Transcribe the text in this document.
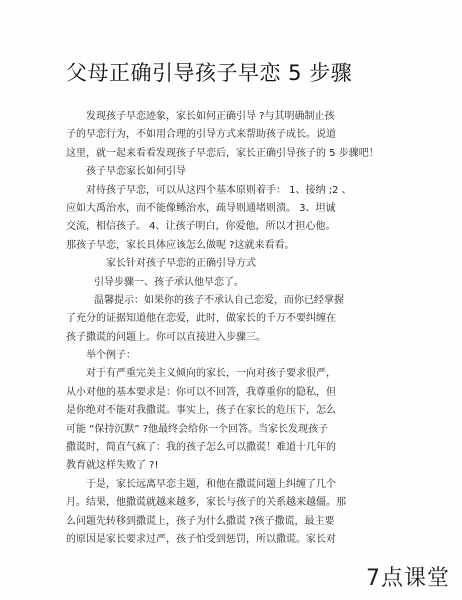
父母正确引导孩子早恋 5 步骤
发现孩子早恋迹象，家长如何正确引导 ?与其明确制止孩
子的早恋行为，不如用合理的引导方式来帮助孩子成长。说道
这里，就一起来看看发现孩子早恋后，家长正确引导孩子的 5 步骤吧！
孩子早恋家长如何引导
对待孩子早恋，可以从这四个基本原则着手： 1、接纳 ;2 、
应如大禹治水，而不能像鲧治水，疏导则通堵则溃。 3、坦诚
交流，相信孩子。 4、让孩子明白，你爱他，所以才担心他。
那孩子早恋，家长具体应该怎么做呢 ?这就来看看。
家长针对孩子早恋的正确引导方式
引导步骤一、孩子承认他早恋了。
温馨提示：如果你的孩子不承认自己恋爱，而你已经掌握
了充分的证据知道他在恋爱，此时，做家长的千万不要纠缠在
孩子撒谎的问题上。你可以直接进入步骤三。
举个例子：
对于有严重完美主义倾向的家长，一向对孩子要求很严，
从小对他的基本要求是：你可以不回答，我尊重你的隐私，但
是你绝对不能对我撒谎。事实上，孩子在家长的危压下，怎么
可能 “保持沉默” ?他最终会给你一个回答。当家长发现孩子
撒谎时，简直气疯了：我的孩子怎么可以撒谎！难道十几年的
教育就这样失败了 ?!
于是，家长远离早恋主题，和他在撒谎问题上纠缠了几个
月。结果，他撒谎就越来越多，家长与孩子的关系越来越僵。那
么问题先转移到撒谎上，孩子为什么撒谎 ?孩子撒谎，最主要
的原因是家长要求过严，孩子怕受到惩罚，所以撒谎。家长对
7点课堂
